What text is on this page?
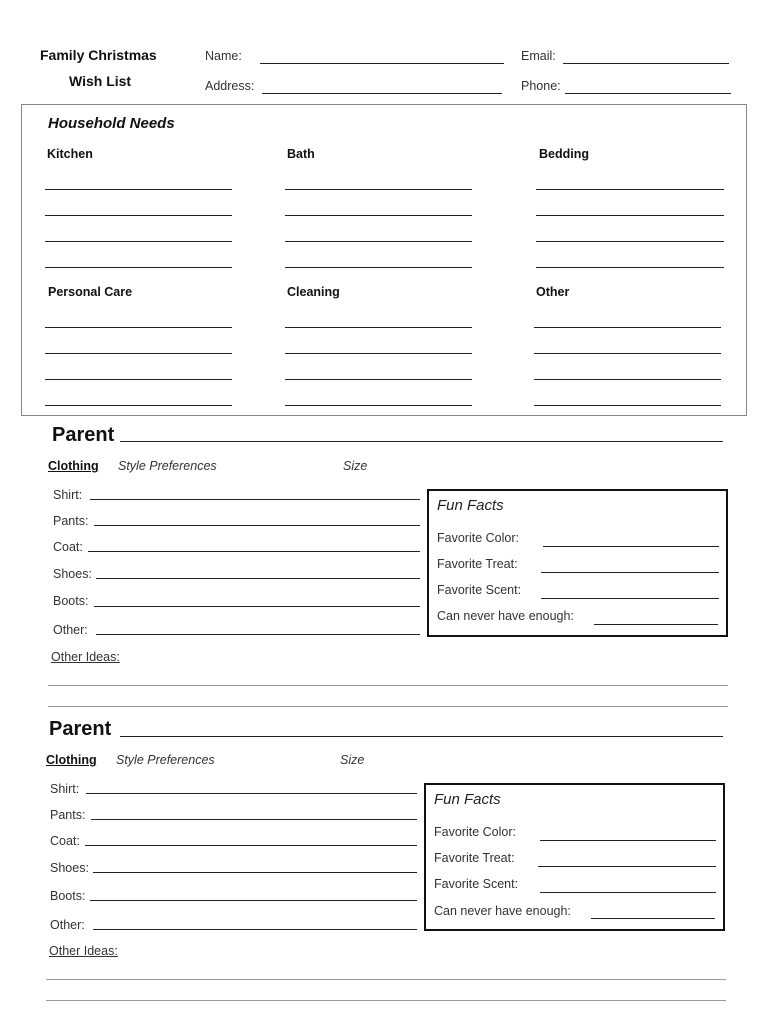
Family Christmas
Wish List
Name:	Email:
Address:	Phone:
Household Needs
Kitchen	Bath	Bedding
Personal Care	Cleaning	Other
Parent
Clothing Style Preferences	Size
Shirt:
Pants:
Coat:
Shoes:
Boots:
Other:
Fun Facts
Favorite Color:
Favorite Treat:
Favorite Scent:
Can never have enough:
Other Ideas:
Parent
Clothing Style Preferences	Size
Shirt:
Pants:
Coat:
Shoes:
Boots:
Other:
Fun Facts
Favorite Color:
Favorite Treat:
Favorite Scent:
Can never have enough:
Other Ideas:
